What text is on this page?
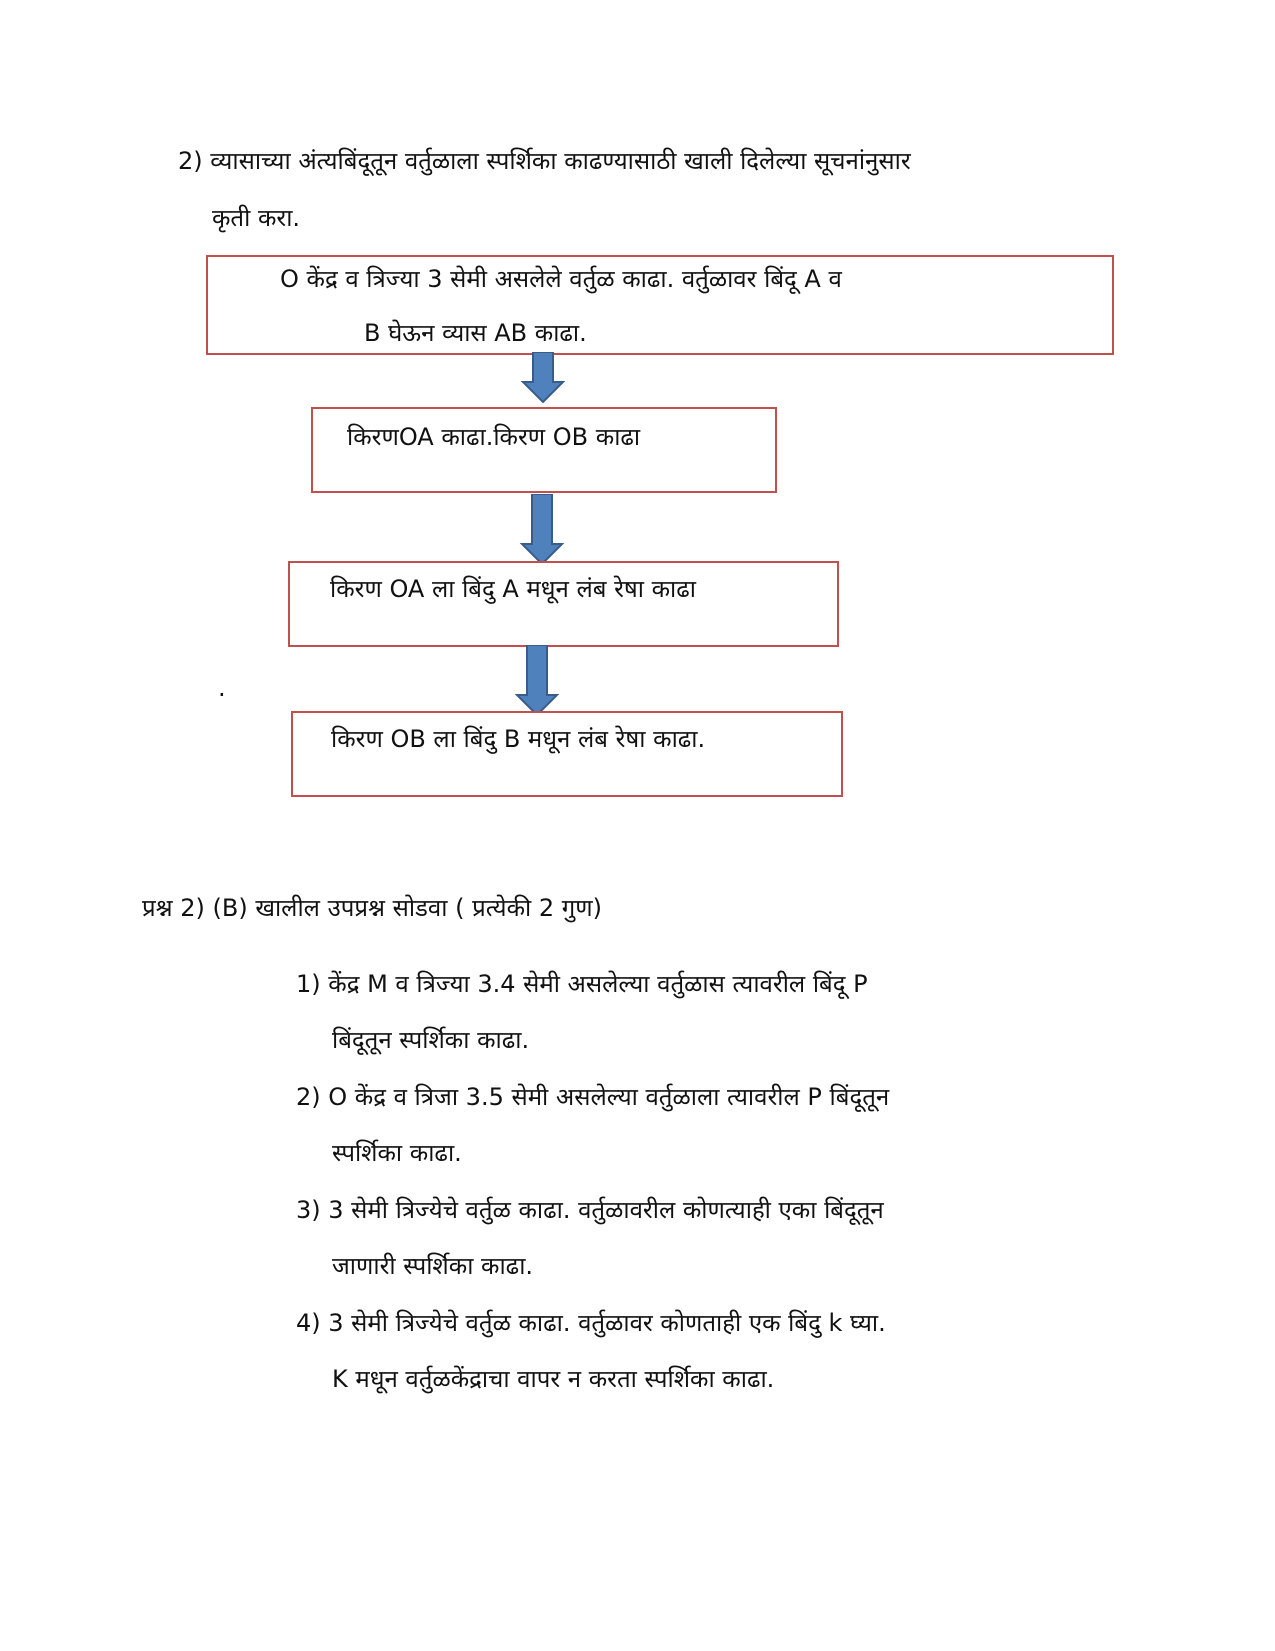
2) व्यासाच्या अंत्यबिंदूतून वर्तुळाला स्पर्शिका काढण्यासाठी खाली दिलेल्या सूचनांनुसार
कृती करा.
O केंद्र व त्रिज्या 3 सेमी असलेले वर्तुळ काढा. वर्तुळावर बिंदू A व
B घेऊन व्यास AB काढा.
किरणOA काढा.किरण OB काढा
किरण OA ला बिंदु A मधून लंब रेषा काढा
.
किरण OB ला बिंदु B मधून लंब रेषा काढा.
प्रश्न 2) (B) खालील उपप्रश्न सोडवा ( प्रत्येकी 2 गुण)
1) केंद्र M व त्रिज्या 3.4 सेमी असलेल्या वर्तुळास त्यावरील बिंदू P
बिंदूतून स्पर्शिका काढा.
2) O केंद्र व त्रिजा 3.5 सेमी असलेल्या वर्तुळाला त्यावरील P बिंदूतून
स्पर्शिका काढा.
3) 3 सेमी त्रिज्येचे वर्तुळ काढा. वर्तुळावरील कोणत्याही एका बिंदूतून
जाणारी स्पर्शिका काढा.
4) 3 सेमी त्रिज्येचे वर्तुळ काढा. वर्तुळावर कोणताही एक बिंदु k घ्या.
K मधून वर्तुळकेंद्राचा वापर न करता स्पर्शिका काढा.
